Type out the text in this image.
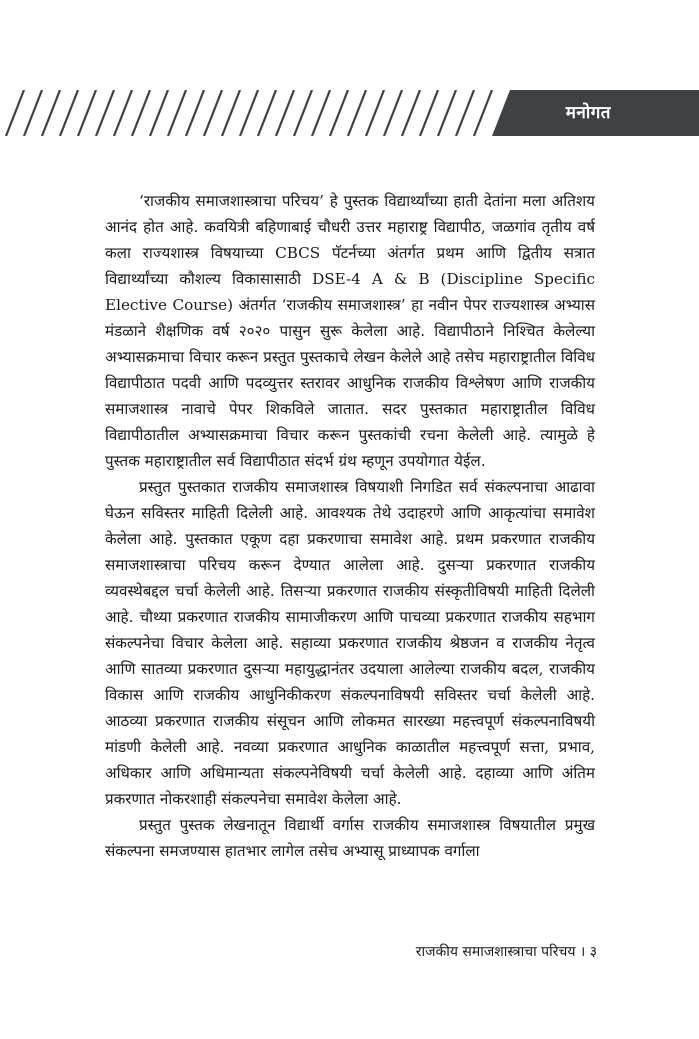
मनोगत

‘राजकीय समाजशास्त्राचा परिचय’ हे पुस्तक विद्यार्थ्यांच्या हाती देतांना मला अतिशय आनंद होत आहे. कवयित्री बहिणाबाई चौधरी उत्तर महाराष्ट्र विद्यापीठ, जळगांव तृतीय वर्ष कला राज्यशास्त्र विषयाच्या CBCS पॅटर्नच्या अंतर्गत प्रथम आणि द्वितीय सत्रात विद्यार्थ्यांच्या कौशल्य विकासासाठी DSE-4 A & B (Discipline Specific Elective Course) अंतर्गत ‘राजकीय समाजशास्त्र’ हा नवीन पेपर राज्यशास्त्र अभ्यास मंडळाने शैक्षणिक वर्ष २०२० पासुन सुरू केलेला आहे. विद्यापीठाने निश्चित केलेल्या अभ्यासक्रमाचा विचार करून प्रस्तुत पुस्तकाचे लेखन केलेले आहे तसेच महाराष्ट्रातील विविध विद्यापीठात पदवी आणि पदव्युत्तर स्तरावर आधुनिक राजकीय विश्लेषण आणि राजकीय समाजशास्त्र नावाचे पेपर शिकविले जातात. सदर पुस्तकात महाराष्ट्रातील विविध विद्यापीठातील अभ्यासक्रमाचा विचार करून पुस्तकांची रचना केलेली आहे. त्यामुळे हे पुस्तक महाराष्ट्रातील सर्व विद्यापीठात संदर्भ ग्रंथ म्हणून उपयोगात येईल.

प्रस्तुत पुस्तकात राजकीय समाजशास्त्र विषयाशी निगडित सर्व संकल्पनाचा आढावा घेऊन सविस्तर माहिती दिलेली आहे. आवश्यक तेथे उदाहरणे आणि आकृत्यांचा समावेश केलेला आहे. पुस्तकात एकूण दहा प्रकरणाचा समावेश आहे. प्रथम प्रकरणात राजकीय समाजशास्त्राचा परिचय करून देण्यात आलेला आहे. दुसऱ्या प्रकरणात राजकीय व्यवस्थेबद्दल चर्चा केलेली आहे. तिसऱ्या प्रकरणात राजकीय संस्कृतीविषयी माहिती दिलेली आहे. चौथ्या प्रकरणात राजकीय सामाजीकरण आणि पाचव्या प्रकरणात राजकीय सहभाग संकल्पनेचा विचार केलेला आहे. सहाव्या प्रकरणात राजकीय श्रेष्ठजन व राजकीय नेतृत्व आणि सातव्या प्रकरणात दुसऱ्या महायुद्धानंतर उदयाला आलेल्या राजकीय बदल, राजकीय विकास आणि राजकीय आधुनिकीकरण संकल्पनाविषयी सविस्तर चर्चा केलेली आहे. आठव्या प्रकरणात राजकीय संसूचन आणि लोकमत सारख्या महत्त्वपूर्ण संकल्पनाविषयी मांडणी केलेली आहे. नवव्या प्रकरणात आधुनिक काळातील महत्त्वपूर्ण सत्ता, प्रभाव, अधिकार आणि अधिमान्यता संकल्पनेविषयी चर्चा केलेली आहे. दहाव्या आणि अंतिम प्रकरणात नोकरशाही संकल्पनेचा समावेश केलेला आहे.

प्रस्तुत पुस्तक लेखनातून विद्यार्थी वर्गास राजकीय समाजशास्त्र विषयातील प्रमुख संकल्पना समजण्यास हातभार लागेल तसेच अभ्यासू प्राध्यापक वर्गाला

राजकीय समाजशास्त्राचा परिचय । ३
